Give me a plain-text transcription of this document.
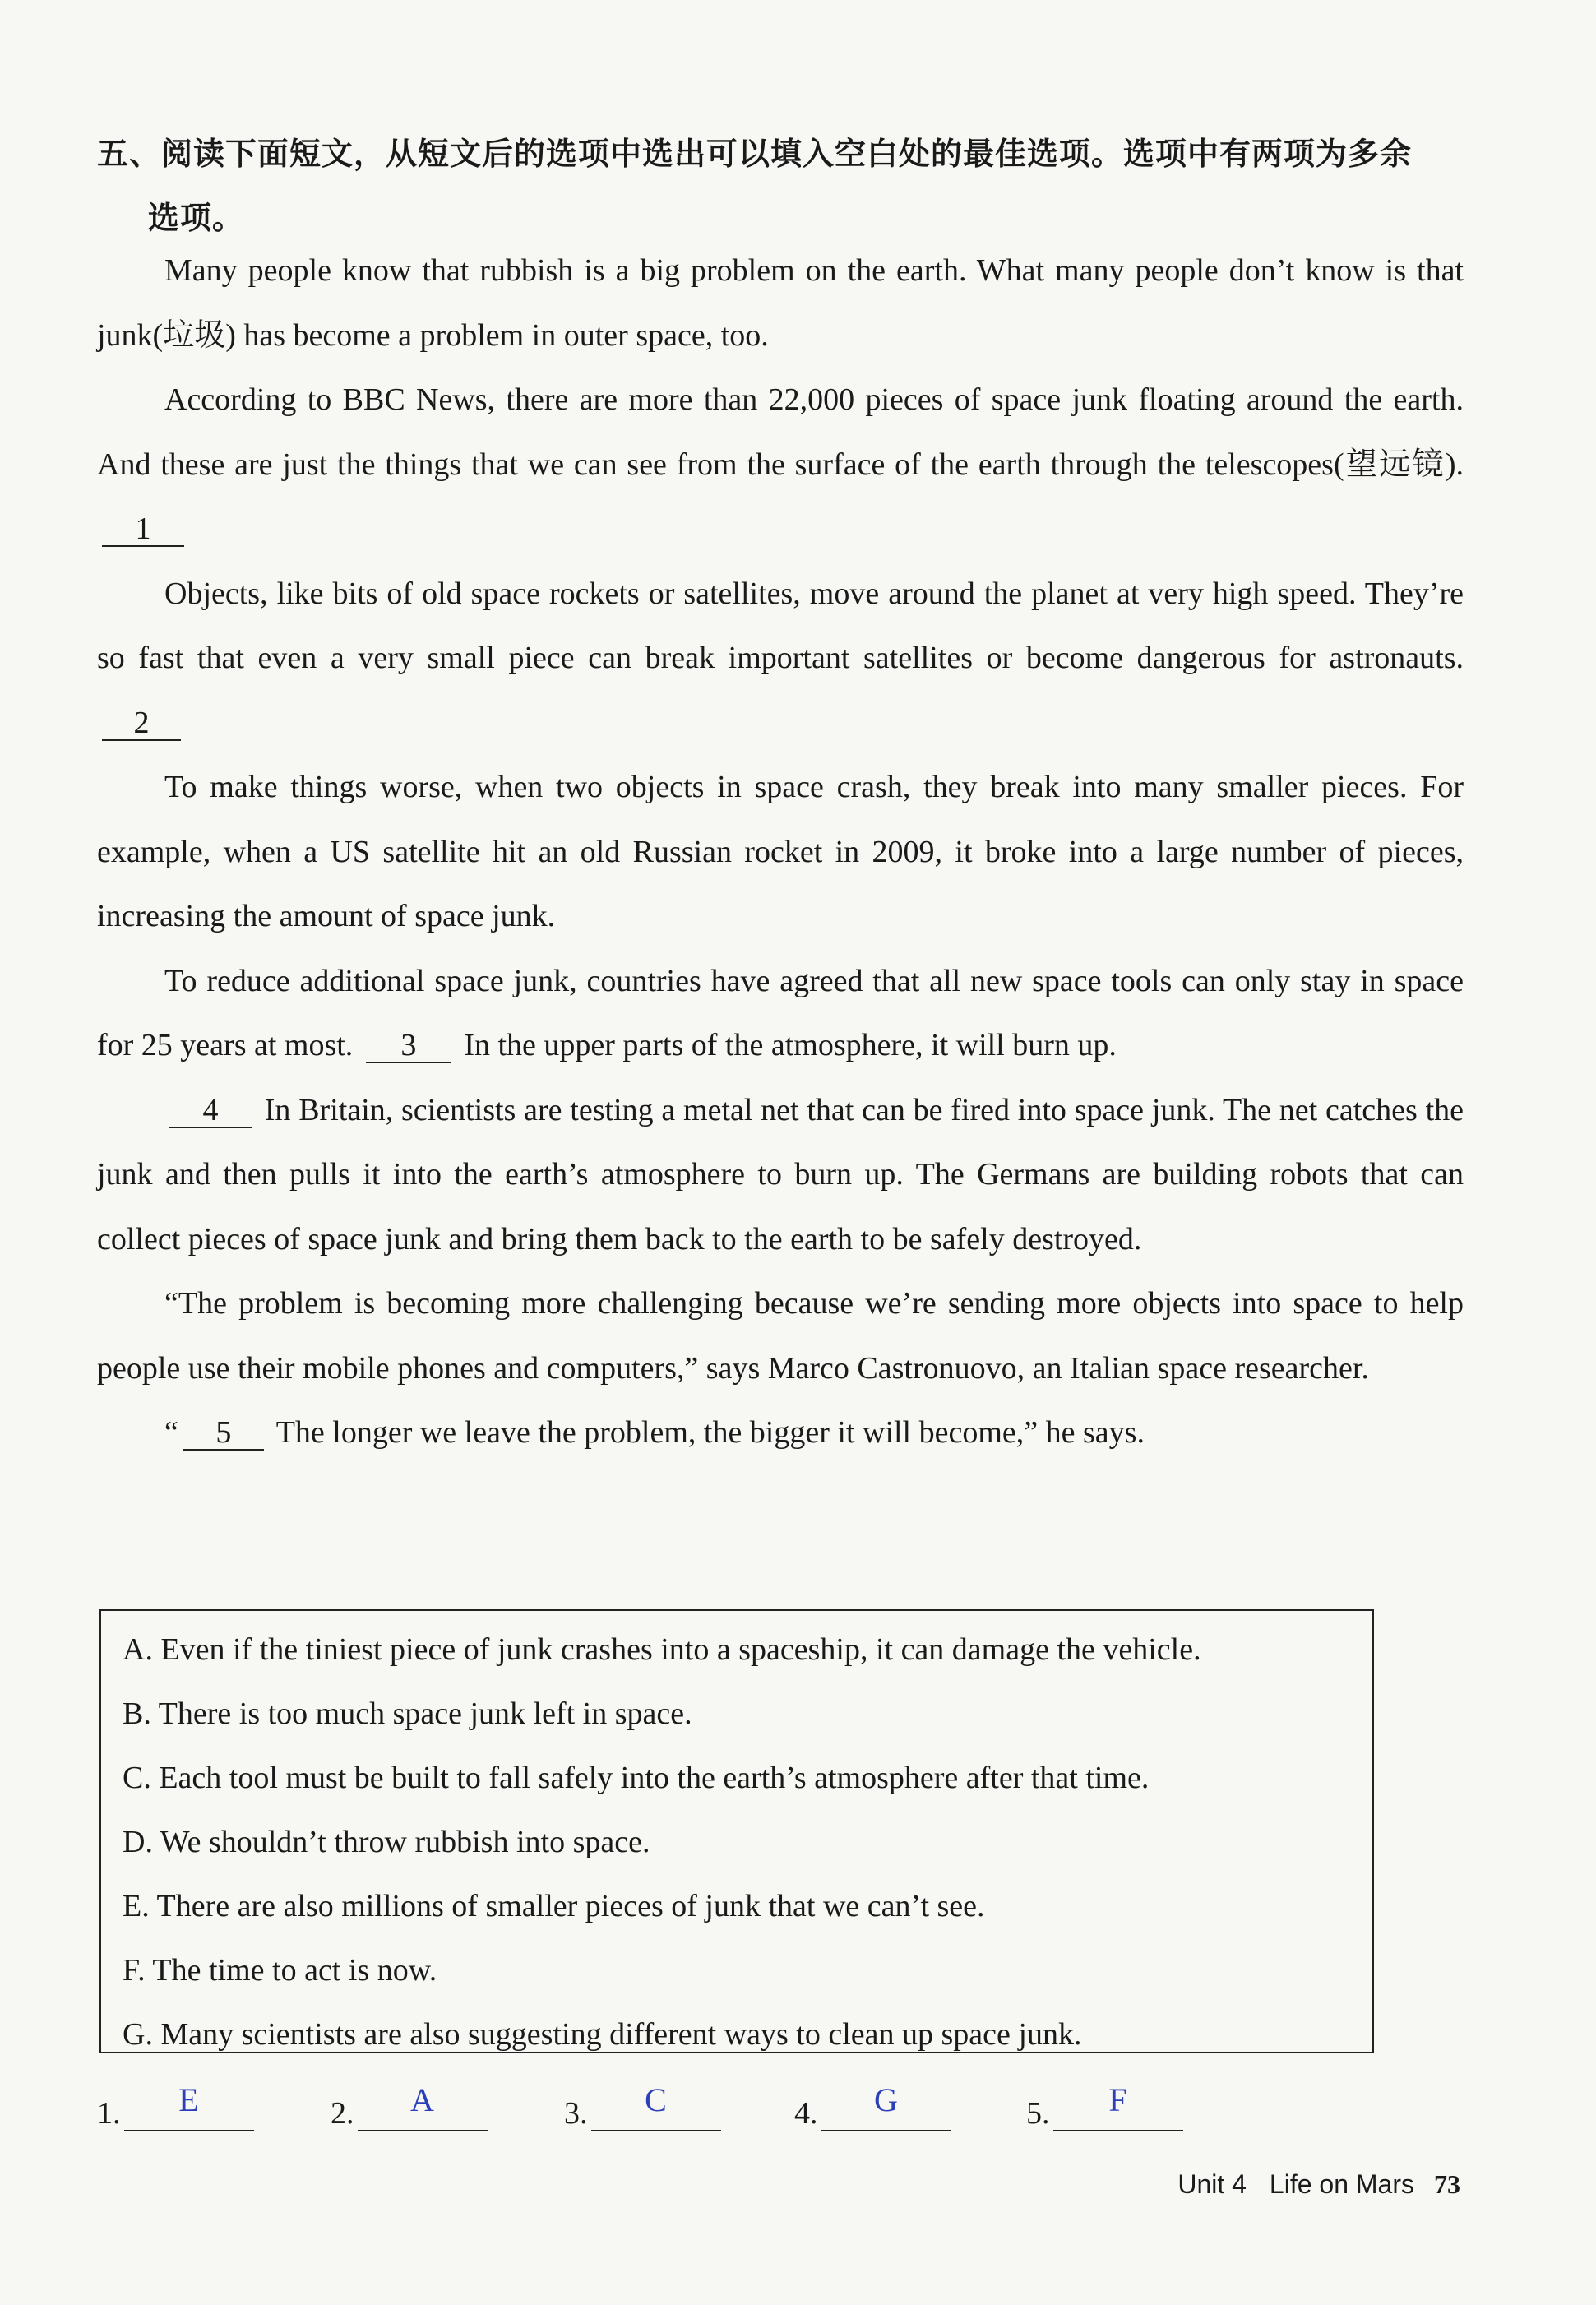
五、阅读下面短文，从短文后的选项中选出可以填入空白处的最佳选项。选项中有两项为多余
选项。

Many people know that rubbish is a big problem on the earth. What many people don’t know is that junk(垃圾) has become a problem in outer space, too.

According to BBC News, there are more than 22,000 pieces of space junk floating around the earth. And these are just the things that we can see from the surface of the earth through the telescopes(望远镜). 1

Objects, like bits of old space rockets or satellites, move around the planet at very high speed. They’re so fast that even a very small piece can break important satellites or become dangerous for astronauts. 2

To make things worse, when two objects in space crash, they break into many smaller pieces. For example, when a US satellite hit an old Russian rocket in 2009, it broke into a large number of pieces, increasing the amount of space junk.

To reduce additional space junk, countries have agreed that all new space tools can only stay in space for 25 years at most. 3 In the upper parts of the atmosphere, it will burn up.

4 In Britain, scientists are testing a metal net that can be fired into space junk. The net catches the junk and then pulls it into the earth’s atmosphere to burn up. The Germans are building robots that can collect pieces of space junk and bring them back to the earth to be safely destroyed.

“The problem is becoming more challenging because we’re sending more objects into space to help people use their mobile phones and computers,” says Marco Castronuovo, an Italian space researcher.

“ 5 The longer we leave the problem, the bigger it will become,” he says.

A. Even if the tiniest piece of junk crashes into a spaceship, it can damage the vehicle.
B. There is too much space junk left in space.
C. Each tool must be built to fall safely into the earth’s atmosphere after that time.
D. We shouldn’t throw rubbish into space.
E. There are also millions of smaller pieces of junk that we can’t see.
F. The time to act is now.
G. Many scientists are also suggesting different ways to clean up space junk.
1.	E	2.	A	3.	C	4.	G	5.	F
Unit 4 Life on Mars 73
